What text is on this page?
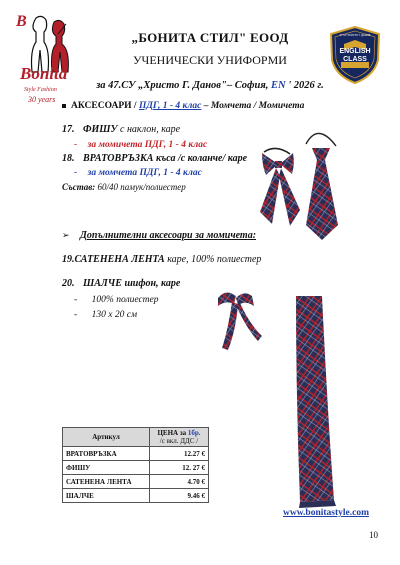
B
Bonita
Style Fashion
30 years
47 СУ ХРИСТО Г. ДАНОВ
ENGLISH
CLASS
„БОНИТА СТИЛ" ЕООД
УЧЕНИЧЕСКИ УНИФОРМИ
за 47.СУ „Христо Г. Данов"– София, EN ' 2026 г.
АКСЕСОАРИ / ПДГ, 1 - 4 клас – Момчета / Момичета
17. ФИШУ с наклон, каре
- за момичета ПДГ, 1 - 4 клас
18. ВРАТОВРЪЗКА къса /с коланче/ каре
- за момчета ПДГ, 1 - 4 клас
Състав: 60/40 памук/полиестер
➢ Допълнителни аксесоари за момичета:
19.САТЕНЕНА ЛЕНТА каре, 100% полиестер
20. ШАЛЧЕ шифон, каре
- 100% полиестер
- 130 х 20 см
Артикул	ЦЕНА за 1бр.
/с вкл. ДДС /
ВРАТОВРЪЗКА	12.27 €
ФИШУ	12. 27 €
САТЕНЕНА ЛЕНТА	4.70 €
ШАЛЧЕ	9.46 €
www.bonitastyle.com
10
